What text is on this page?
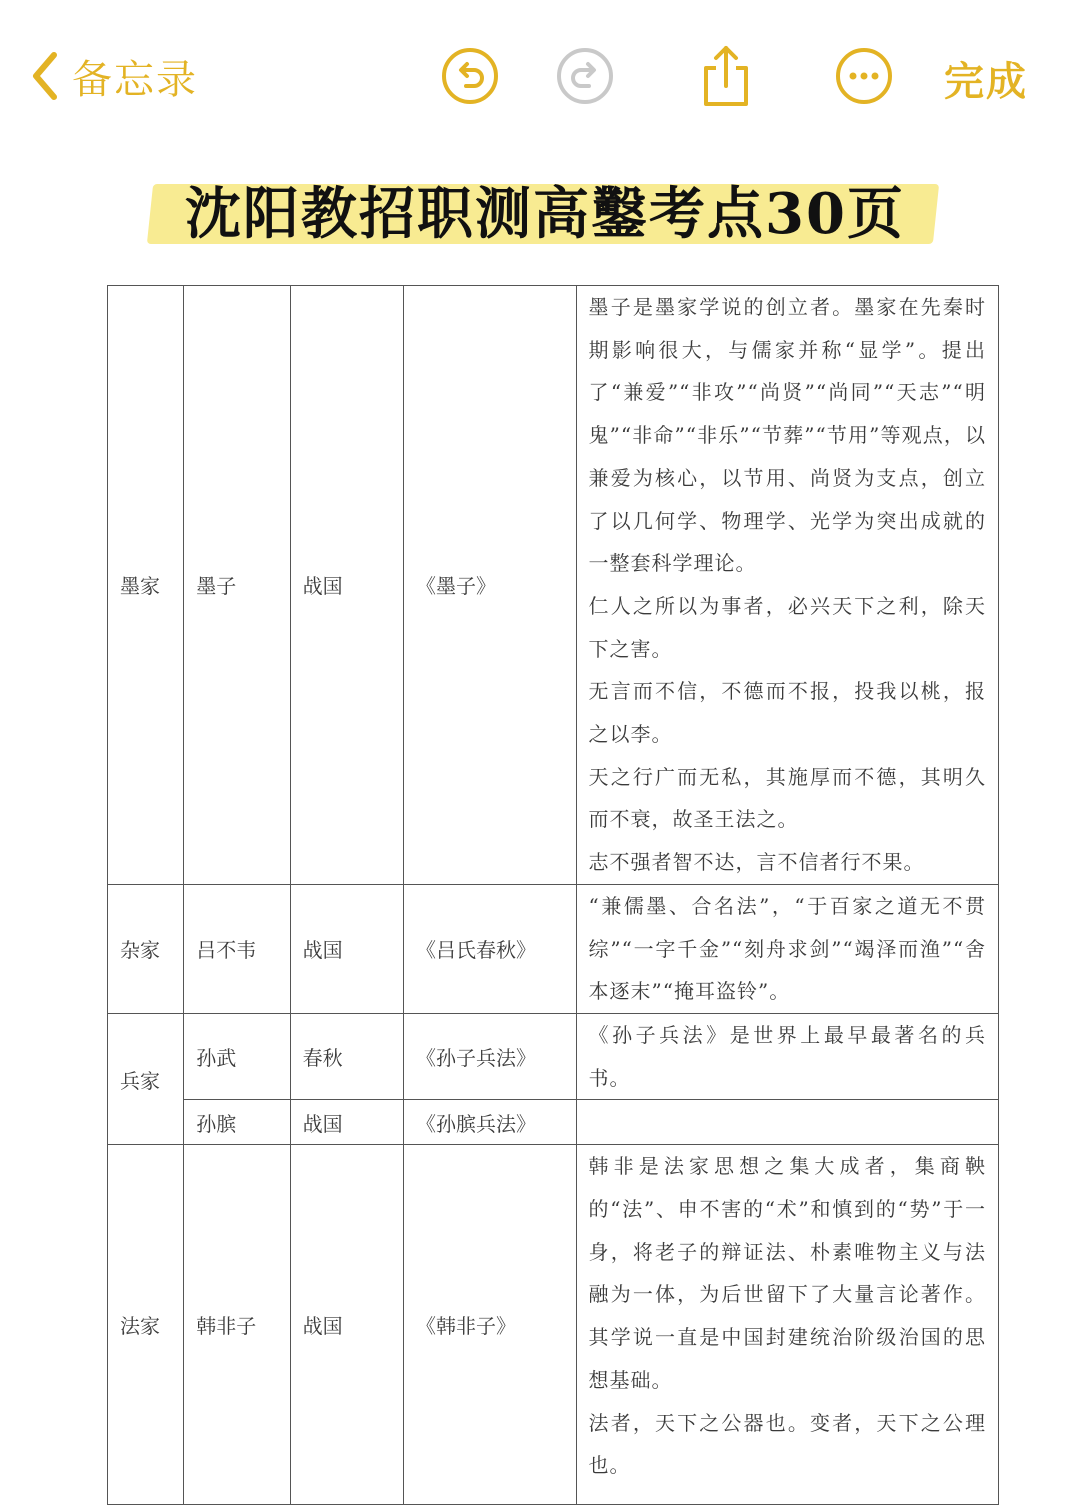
备忘录	完成
沈阳教招职测高鑿考点30页
墨家	墨子	战国	《墨子》	墨子是墨家学说的创立者。墨家在先秦时期影响很大，与儒家并称“显学”。提出了“兼爱”“非攻”“尚贤”“尚同”“天志”“明鬼”“非命”“非乐”“节葬”“节用”等观点，以兼爱为核心，以节用、尚贤为支点，创立了以几何学、物理学、光学为突出成就的一整套科学理论。

仁人之所以为事者，必兴天下之利，除天下之害。

无言而不信，不德而不报，投我以桃，报之以李。

天之行广而无私，其施厚而不德，其明久而不衰，故圣王法之。

志不强者智不达，言不信者行不果。

杂家	吕不韦	战国	《吕氏春秋》	“兼儒墨、合名法”，“于百家之道无不贯综”“一字千金”“刻舟求剑”“竭泽而渔”“舍本逐末”“掩耳盗铃”。

兵家	孙武	春秋	《孙子兵法》	《孙子兵法》是世界上最早最著名的兵书。

	孙膑	战国	《孙膑兵法》	
法家	韩非子	战国	《韩非子》	韩非是法家思想之集大成者，集商鞅的“法”、申不害的“术”和慎到的“势”于一身，将老子的辩证法、朴素唯物主义与法融为一体，为后世留下了大量言论著作。其学说一直是中国封建统治阶级治国的思想基础。

法者，天下之公器也。变者，天下之公理也。
